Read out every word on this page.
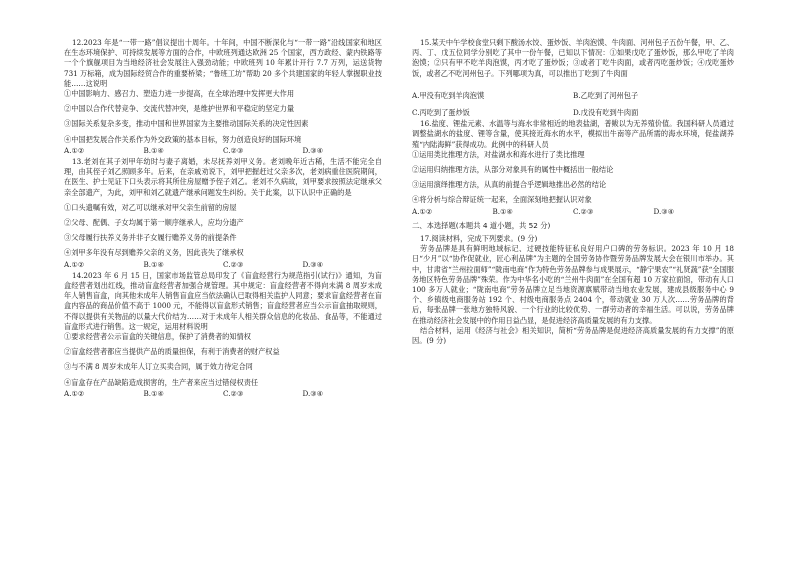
12.2023 年是“一带一路”倡议提出十周年。十年间，中国不断深化与“一带一路”沿线国家和地区在生态环境保护、可持续发展等方面的合作，中欧班列通达欧洲 25 个国家，西方政经、蒙内铁路等一个个旗舰项目为当地经济社会发展注入强劲动能；中欧班列 10 年累计开行 7.7 万列，运送货物 731 万标箱，成为国际经贸合作的重要桥梁；“鲁班工坊”帮助 20 多个共建国家的年轻人掌握职业技能……这说明

①中国影响力、感召力、塑造力进一步提高，在全球治理中发挥更大作用

②中国以合作代替竞争、交流代替冲突，是维护世界和平稳定的坚定力量

③国际关系复杂多变，推动中国和世界国家为主要推动国际关系的决定性因素

④中国把发展合作关系作为外交政策的基本目标，努力创造良好的国际环境

A.①②	B.①④	C.②③	D.③④

13.老刘在其子刘甲年幼时与妻子离婚，未尽抚养刘甲义务。老刘晚年近古稀，生活不能完全自理，由其侄子刘乙照顾多年。后来，在亲戚劝说下，刘甲把握赶过父亲多次，老刘病重住医院期间，在医生、护士见证下口头表示将其所住房屋赠予侄子刘乙。老刘不久病故，刘甲要求按照法定继承父亲全部遗产，为此，刘甲和刘乙就遗产继承问题发生纠纷。关于此案，以下认识中正确的是

①口头遗嘱有效，对乙可以继承对甲父亲生前留的房屋

②父母、配偶、子女均属于第一顺序继承人，应均分遗产

③父母履行扶养义务并非子女履行赡养义务的前提条件

④刘甲多年没有尽到赡养父亲的义务，因此丧失了继承权

A.①②	B.①④	C.②③	D.③④

14.2023 年 6 月 15 日，国家市场监管总局印发了《盲盒经营行为规范指引(试行)》通知，为盲盒经营者划出红线，推动盲盒经营者加强合规管理。其中规定：盲盒经营者不得向未满 8 周岁未成年人销售盲盒，向其他未成年人销售盲盒应当依法确认已取得相关监护人同意；要求盲盒经营者在盲盒内容品的商品价值不高于 1000 元，不能得以盲盒形式销售；盲盒经营者应当公示盲盒抽取规则，不得以提供有关物品的以量大代价结为……对于未成年人相关群众信息的化妆品、食品等，不能通过盲盒形式进行销售。这一规定，运用材料说明

①要求经营者公示盲盒的关键信息，保护了消费者的知情权

②盲盒经营者都应当提供产品的质量担保，有利于消费者的财产权益

③与不满 8 周岁未成年人订立买卖合同，属于效力待定合同

④盲盒存在产品缺陷造成损害的，生产者来应当过错侵权责任

A.①②	B.①④	C.②③	D.③④

15.某天中午学校食堂只剩下酸汤水饺、蛋炒饭、羊肉泡馍、牛肉面、河州包子五份午餐，甲、乙、丙、丁、戊五位同学分别吃了其中一份午餐，已知以下情况：①如果戊吃了蛋炒饭，那么甲吃了羊肉泡馍；②只有甲不吃羊肉泡馍，丙才吃了蛋炒饭；③或者丁吃牛肉面，或者丙吃蛋炒饭；④戊吃蛋炒饭，或者乙不吃河州包子。下列哪项为真，可以推出丁吃到了牛肉面

A.甲没有吃到羊肉泡馍	B.乙吃到了河州包子
C.丙吃到了蛋炒饭	D.戊没有吃到牛肉面

16.盐度、锂盐元素、水温等与海水非常相近的地表盐湖，普鲅以为无养殖价值。我国科研人员通过调整盐湖水的盐度、锂等含量，使其接近海水的水平，模拟出牛南等产品所需的海水环境，促盐湖养殖“内陆海鲜”获得成功。此例中的科研人员

①运用类比推理方法，对盐湖水和海水进行了类比推理

②运用归纳推理方法，从部分对象具有的属性中概括出一般结论

③运用演绎推理方法，从真的前提合乎逻辑地推出必然的结论

④将分析与综合辩证统一起来，全面深刻地把握认识对象

A.①②	B.①④	C.②③	D.③④
二、本选择题(本题共 4 道小题，共 52 分)

17.阅读材料，完成下列要求。(9 分)

劳务品牌是具有鲜明地域标记、过硬技能特征私良好用户口碑的劳务标识。2023 年 10 月 18 日“少月”以“协作促就业，匠心利品牌”为主题的全国劳务协作暨劳务品牌发展大会在银川市举办。其中，甘肃省“兰州拉面师”“陇南电商”作为特色劳务品牌参与成果展示，“静宁果农”“礼贤蔬”获“全国服务地区特色劳务品牌”殊荣。作为中华名小吃的“兰州牛肉面”在全国有超 10 万家拉面馆，带动有人口 100 多万人就业；“陇南电商”劳务品牌立足当地资源禀赋带动当地农业发展，建成县级服务中心 9 个、乡镇级电商服务站 192 个、村级电商服务点 2404 个，带动就业 30 万人次……劳务品牌的背后，每张品牌一张地方独特风貌、一个行业的比较优势、一群劳动者的幸福生活。可以说，劳务品牌在推动经济社会发展中的作用日益凸显，是促进经济高质量发展的有力支撑。

结合材料，运用《经济与社会》相关知识，简析“劳务品牌是促进经济高质量发展的有力支撑”的原因。(9 分)
